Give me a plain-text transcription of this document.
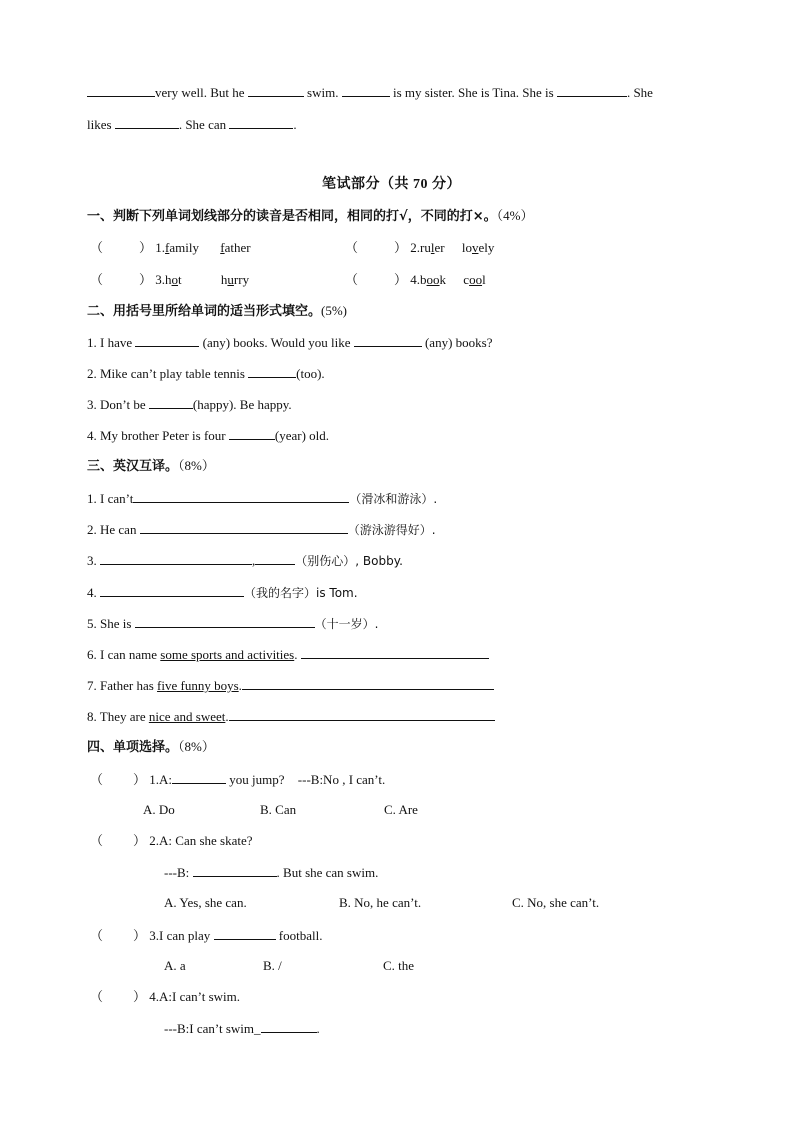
very well. But he	swim.	is my sister. She is Tina. She is	. She
likes	. She can	.
笔试部分（共 70 分）
一、判断下列单词划线部分的读音是否相同，相同的打√，不同的打×。（4%）
（	） 1.family father	（	） 2.ruler lovely
（	） 3.hot	hurry	（	） 4.book cool
二、用括号里所给单词的适当形式填空。(5%)
1. I have	(any) books. Would you like	(any) books?
2. Mike can’t play table tennis	(too).
3. Don’t be	(happy). Be happy.
4. My brother Peter is four	(year) old.
三、英汉互译。（8%）
1. I can’t	（滑冰和游泳）.
2. He can	（游泳游得好）.
3.	,	（别伤心）, Bobby.
4.	（我的名字）is Tom.
5. She is	（十一岁）.
6. I can name some sports and activities.
7. Father has five funny boys.
8. They are nice and sweet.
四、单项选择。（8%）
（ ） 1.A:	you jump? ---B:No , I can’t.
A. Do	B. Can	C. Are
（ ） 2.A: Can she skate?
---B:	. But she can swim.
A. Yes, she can.	B. No, he can’t.	C. No, she can’t.
（ ） 3.I can play	football.
A. a	B. /	C. the
（ ） 4.A:I can’t swim.
---B:I can’t swim_	.
